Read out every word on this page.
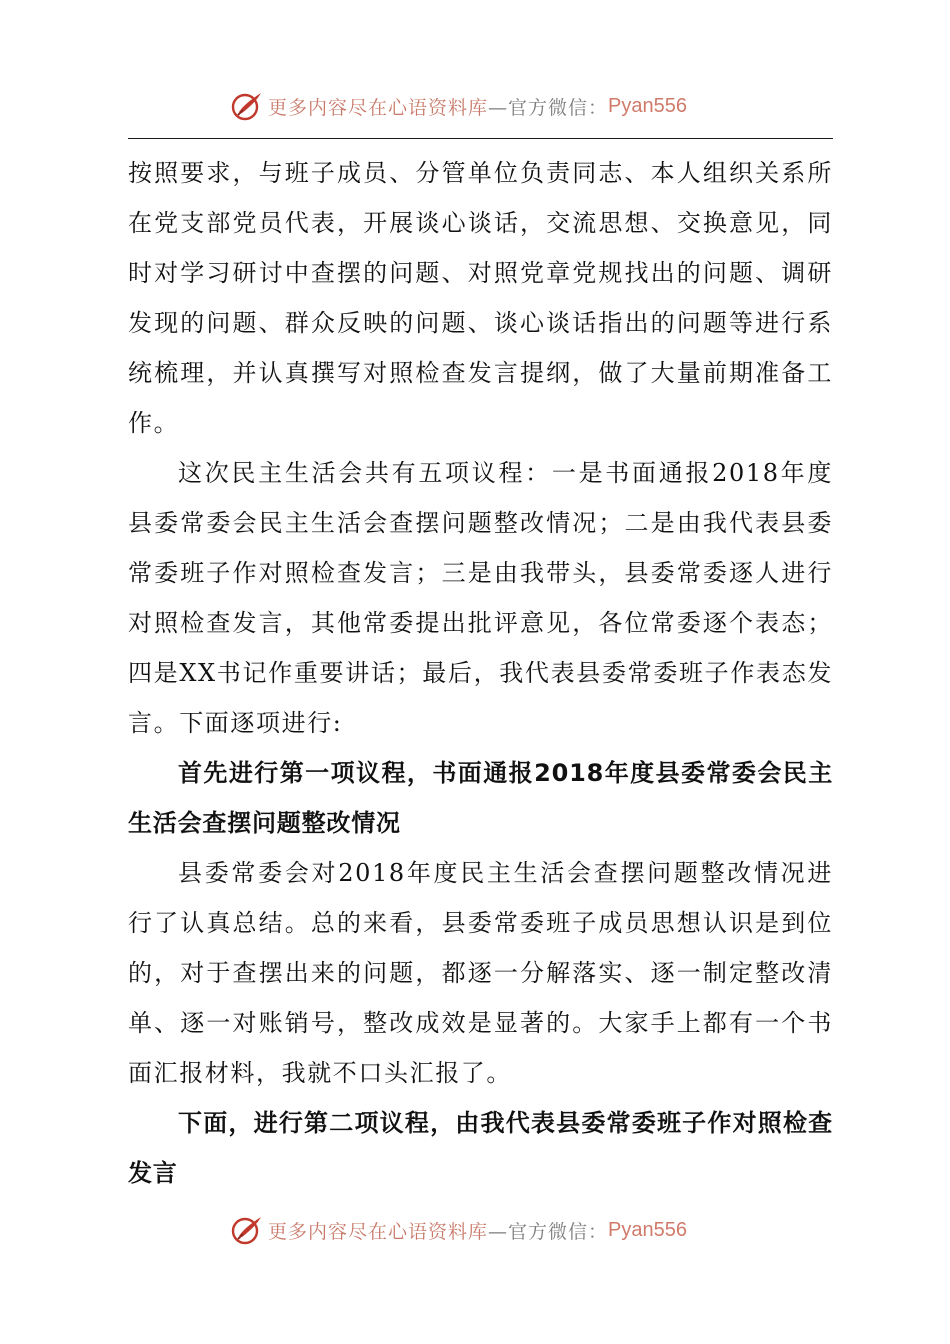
更多内容尽在心语资料库 —官方微信： Pyan556

按照要求，与班子成员、分管单位负责同志、本人组织关系所在党支部党员代表，开展谈心谈话，交流思想、交换意见，同时对学习研讨中查摆的问题、对照党章党规找出的问题、调研发现的问题、群众反映的问题、谈心谈话指出的问题等进行系统梳理，并认真撰写对照检查发言提纲，做了大量前期准备工作。

这次民主生活会共有五项议程：一是书面通报2018年度县委常委会民主生活会查摆问题整改情况；二是由我代表县委常委班子作对照检查发言；三是由我带头，县委常委逐人进行对照检查发言，其他常委提出批评意见，各位常委逐个表态；四是XX书记作重要讲话；最后，我代表县委常委班子作表态发言。下面逐项进行:

首先进行第一项议程，书面通报2018年度县委常委会民主生活会查摆问题整改情况

县委常委会对2018年度民主生活会查摆问题整改情况进行了认真总结。总的来看，县委常委班子成员思想认识是到位的，对于查摆出来的问题，都逐一分解落实、逐一制定整改清单、逐一对账销号，整改成效是显著的。大家手上都有一个书面汇报材料，我就不口头汇报了。

下面，进行第二项议程，由我代表县委常委班子作对照检查发言

更多内容尽在心语资料库 —官方微信： Pyan556
